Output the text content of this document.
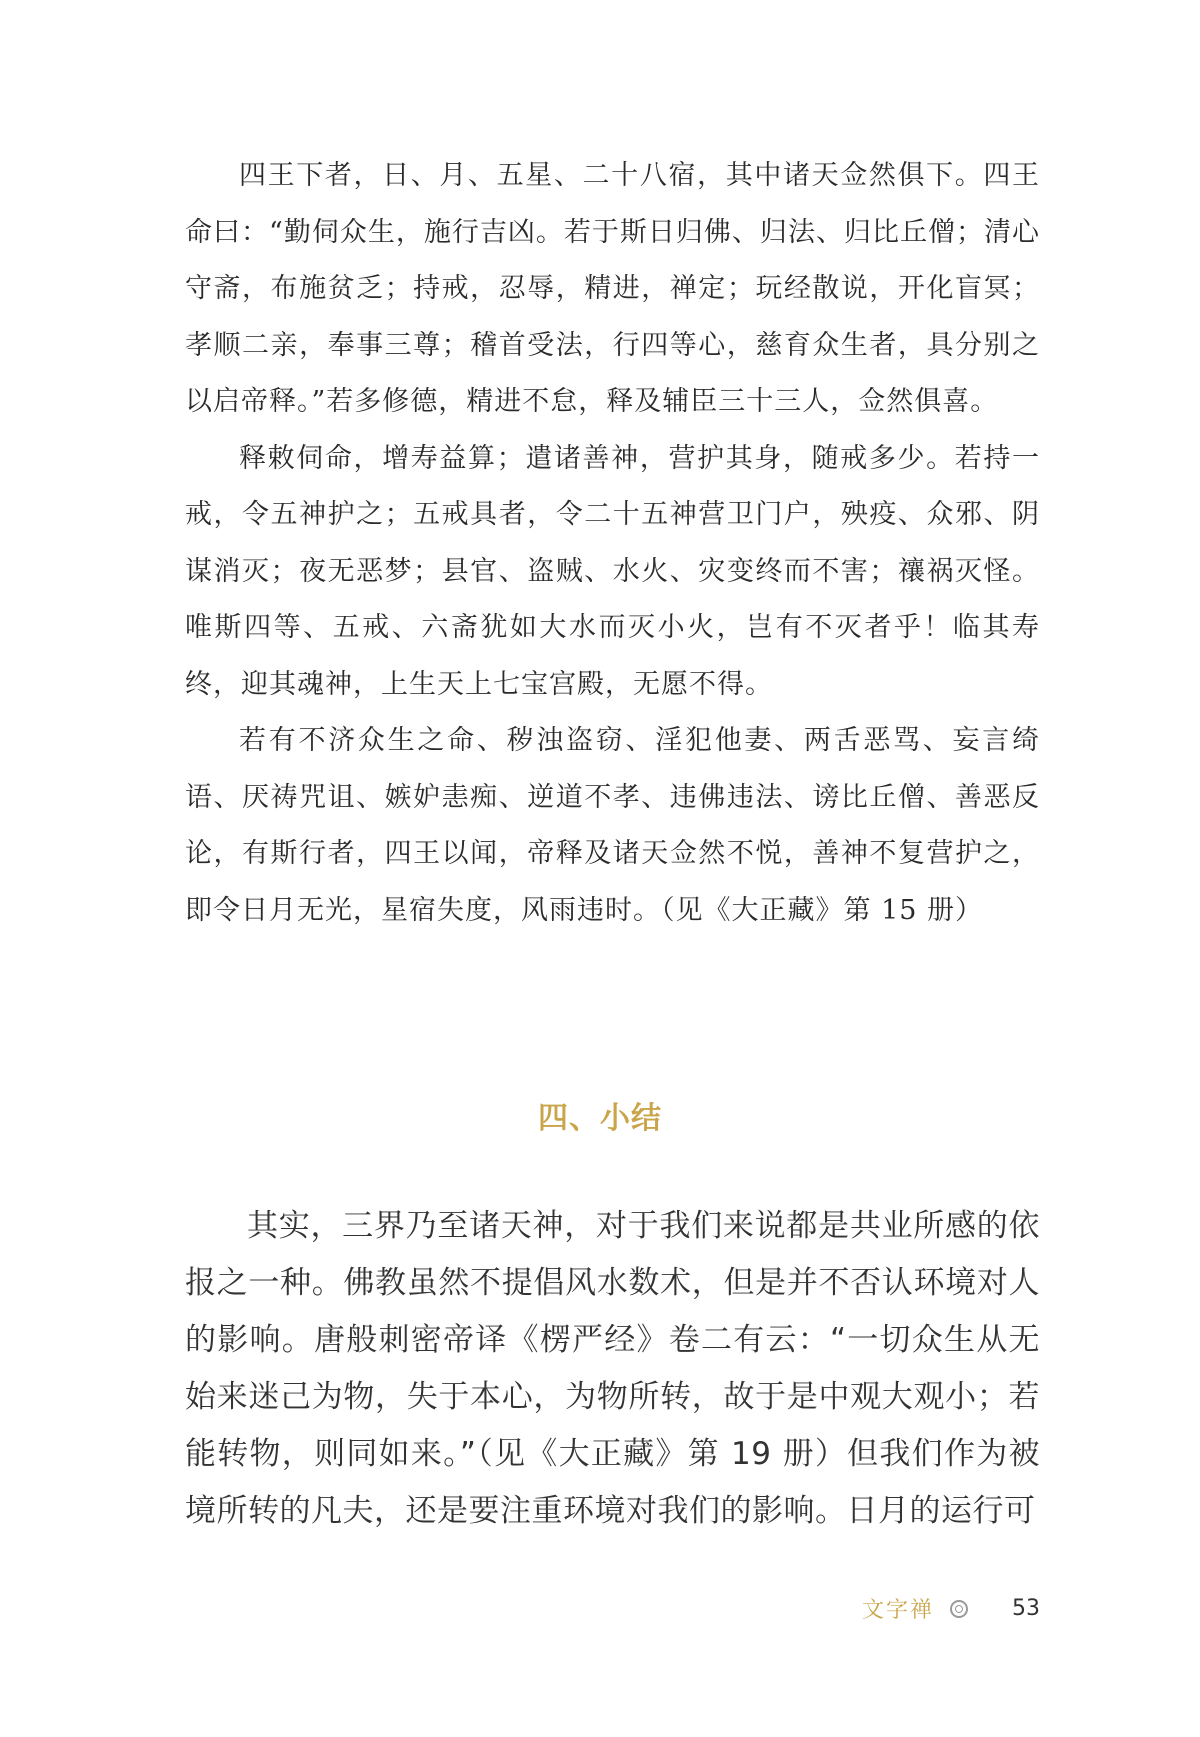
四王下者，日、月、五星、二十八宿，其中诸天佥然俱下。四王命曰：“勤伺众生，施行吉凶。若于斯日归佛、归法、归比丘僧；清心守斋，布施贫乏；持戒，忍辱，精进，禅定；玩经散说，开化盲冥；孝顺二亲，奉事三尊；稽首受法，行四等心，慈育众生者，具分别之以启帝释。”若多修德，精进不怠，释及辅臣三十三人，佥然俱喜。

释敕伺命，增寿益算；遣诸善神，营护其身，随戒多少。若持一戒，令五神护之；五戒具者，令二十五神营卫门户，殃疫、众邪、阴谋消灭；夜无恶梦；县官、盗贼、水火、灾变终而不害；禳祸灭怪。唯斯四等、五戒、六斋犹如大水而灭小火，岂有不灭者乎！临其寿终，迎其魂神，上生天上七宝宫殿，无愿不得。

若有不济众生之命、秽浊盗窃、淫犯他妻、两舌恶骂、妄言绮语、厌祷咒诅、嫉妒恚痴、逆道不孝、违佛违法、谤比丘僧、善恶反论，有斯行者，四王以闻，帝释及诸天佥然不悦，善神不复营护之，即令日月无光，星宿失度，风雨违时。（见《大正藏》第 15 册）

四、小结

其实，三界乃至诸天神，对于我们来说都是共业所感的依报之一种。佛教虽然不提倡风水数术，但是并不否认环境对人的影响。唐般刺密帝译《楞严经》卷二有云：“一切众生从无始来迷己为物，失于本心，为物所转，故于是中观大观小；若能转物，则同如来。”（见《大正藏》第 19 册）但我们作为被境所转的凡夫，还是要注重环境对我们的影响。日月的运行可

文字禅	53
